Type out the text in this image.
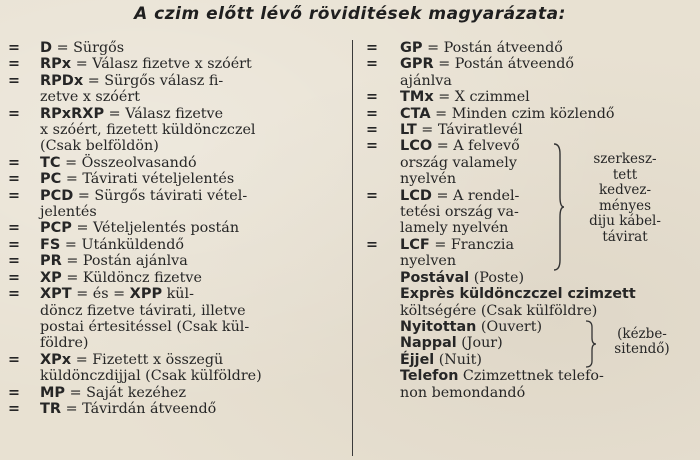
A czim előtt lévő röviditések magyarázata:
=	D = Sürgős
=	RPx = Válasz fizetve x szóért
=	RPDx = Sürgős válasz fi-
zetve x szóért
=	RPxRXP = Válasz fizetve
x szóért, fizetett küldönczczel
(Csak belföldön)
=	TC = Összeolvasandó
=	PC = Távirati vételjelentés
=	PCD = Sürgős távirati vétel-
jelentés
=	PCP = Vételjelentés postán
=	FS = Utánküldendő
=	PR = Postán ajánlva
=	XP = Küldöncz fizetve
=	XPT = és = XPP kül-
döncz fizetve távirati, illetve
postai értesitéssel (Csak kül-
földre)
=	XPx = Fizetett x összegü
küldönczdijjal (Csak külföldre)
=	MP = Saját kezéhez
=	TR = Távirdán átveendő
=	GP = Postán átveendő
=	GPR = Postán átveendő
ajánlva
=	TMx = X czimmel
=	CTA = Minden czim közlendő
=	LT = Táviratlevél
=	LCO = A felvevő
ország valamely
nyelvén
=	LCD = A rendel-
tetési ország va-
lamely nyelvén
=	LCF = Franczia
nyelven
szerkesz-
tett
kedvez-
ményes
diju kábel-
távirat
Postával (Poste)
Exprès küldönczczel czimzett
költségére (Csak külföldre)
Nyitottan (Ouvert)
Nappal (Jour)
Éjjel (Nuit)
(kézbe-
sitendő)
Telefon Czimzettnek telefo-
non bemondandó
